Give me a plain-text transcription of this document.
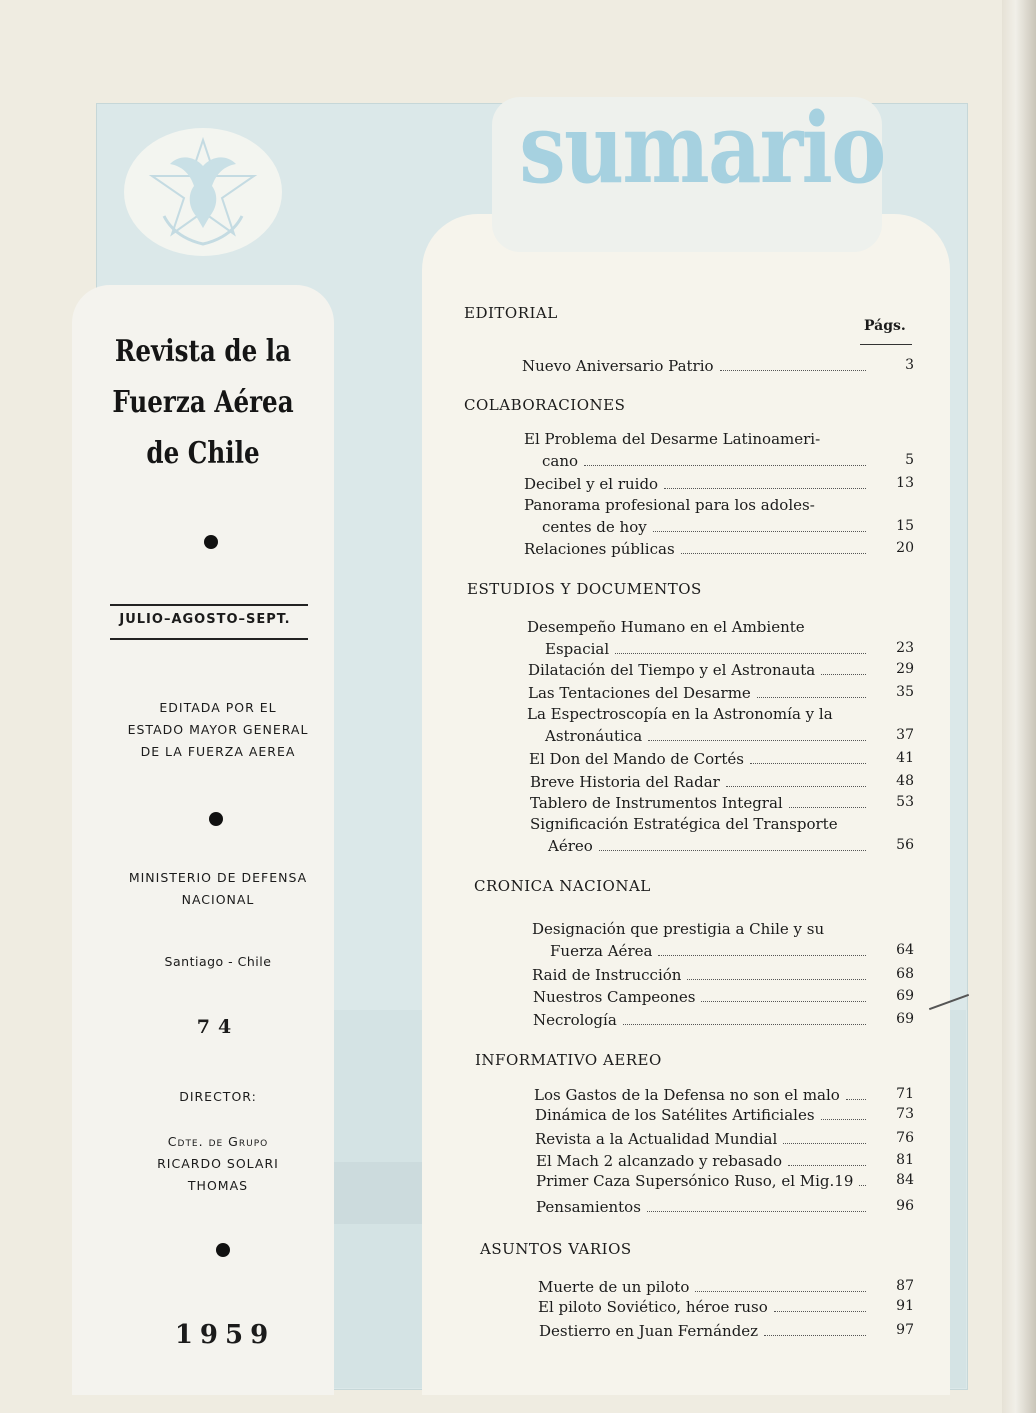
Revista de la
Fuerza Aérea
de Chile
JULIO–AGOSTO–SEPT.
EDITADA POR EL
ESTADO MAYOR GENERAL
DE LA FUERZA AEREA
MINISTERIO DE DEFENSA
NACIONAL
Santiago - Chile
74
DIRECTOR:
Cdte. de Grupo
RICARDO SOLARI
THOMAS
1959
sumario
Págs.
EDITORIAL
Nuevo Aniversario Patrio	3
COLABORACIONES
El Problema del Desarme Latinoameri-
cano	5
Decibel y el ruido	13
Panorama profesional para los adoles-
centes de hoy	15
Relaciones públicas	20
ESTUDIOS Y DOCUMENTOS
Desempeño Humano en el Ambiente
Espacial	23
Dilatación del Tiempo y el Astronauta	29
Las Tentaciones del Desarme	35
La Espectroscopía en la Astronomía y la
Astronáutica	37
El Don del Mando de Cortés	41
Breve Historia del Radar	48
Tablero de Instrumentos Integral	53
Significación Estratégica del Transporte
Aéreo	56
CRONICA NACIONAL
Designación que prestigia a Chile y su
Fuerza Aérea	64
Raid de Instrucción	68
Nuestros Campeones	69
Necrología	69
INFORMATIVO AEREO
Los Gastos de la Defensa no son el malo	71
Dinámica de los Satélites Artificiales	73
Revista a la Actualidad Mundial	76
El Mach 2 alcanzado y rebasado	81
Primer Caza Supersónico Ruso, el Mig.19	84
Pensamientos	96
ASUNTOS VARIOS
Muerte de un piloto	87
El piloto Soviético, héroe ruso	91
Destierro en Juan Fernández	97
